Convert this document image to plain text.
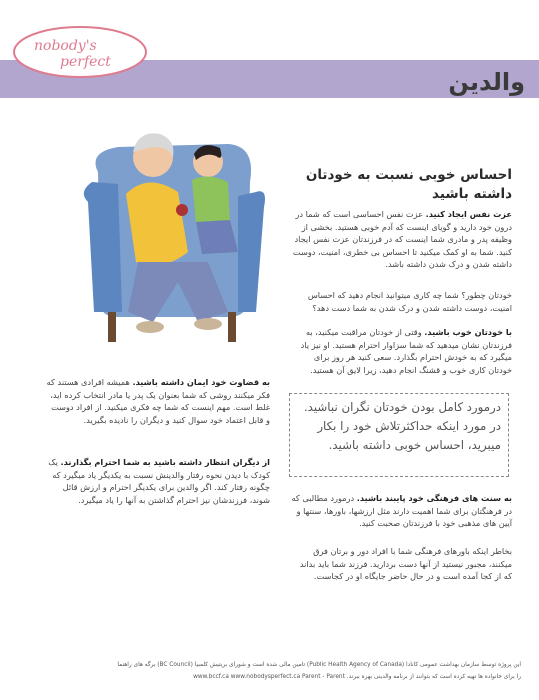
nobody's
perfect
والدین
احساس خوبی نسبت به خودتان داشته باشید
عزت نفس ایجاد کنید. عزت نفس احساسی است که شما در درون خود دارید و گویای اینست که آدم خوبی هستید. بخشی از وظیفه پدر و مادری شما اینست که در فرزندتان عزت نفس ایجاد کنید. شما به او کمک میکنید تا احساس بی خطری، امنیت، دوست داشته شدن و درک شدن داشته باشد.
خودتان چطور؟ شما چه کاری میتوانید انجام دهید که احساس امنیت، دوست داشته شدن و درک شدن به شما دست دهد؟
با خودتان خوب باشید. وقتی از خودتان مراقبت میکنید، به فرزندتان نشان میدهید که شما سزاوار احترام هستید. او نیز یاد میگیرد که به خودش احترام بگذارد. سعی کنید هر روز برای خودتان کاری خوب و قشنگ انجام دهید، زیرا لایق آن هستید.
درمورد کامل بودن خودتان نگران نباشید. در مورد اینکه حداکثرتلاش خود را بکار میبرید، احساس خوبی داشته باشید.
به قضاوت خود ایمان داشته باشید. همیشه افرادی هستند که فکر میکنند روشی که شما بعنوان یک پدر یا مادر انتخاب کرده اید، غلط است. مهم اینست که شما چه فکری میکنید. از افراد دوست و قابل اعتماد خود سوال کنید و دیگران را نادیده بگیرید.
از دیگران انتظار داشته باشید به شما احترام بگذارند. یک کودک با دیدن نحوه رفتار والدینش نسبت به یکدیگر یاد میگیرد که چگونه رفتار کند. اگر والدین برای یکدیگر احترام و ارزش قائل شوند، فرزندشان نیز احترام گذاشتن به آنها را یاد میگیرد.	به سنت های فرهنگی خود پایبند باشید. درمورد مطالبی که در فرهنگتان برای شما اهمیت دارند مثل ارزشها، باورها، سنتها و آیین های مذهبی خود با فرزندتان صحبت کنید.
بخاطر اینکه باورهای فرهنگی شما با افراد دور و برتان فرق میکنند، مجبور نیستید از آنها دست بردارید. فرزند شما باید بداند که از کجا آمده است و در حال حاضر جایگاه او در کجاست.
این پروژه توسط سازمان بهداشت عمومی کانادا (Public Health Agency of Canada) تامین مالی شده است و شورای بریتیش کلمبیا (BC Council) برگه های راهنما
را برای خانواده ها تهیه کرده است که بتوانند از برنامه والدینی بهره ببرند. www.bccf.ca www.nobodysperfect.ca Parent - Parent
